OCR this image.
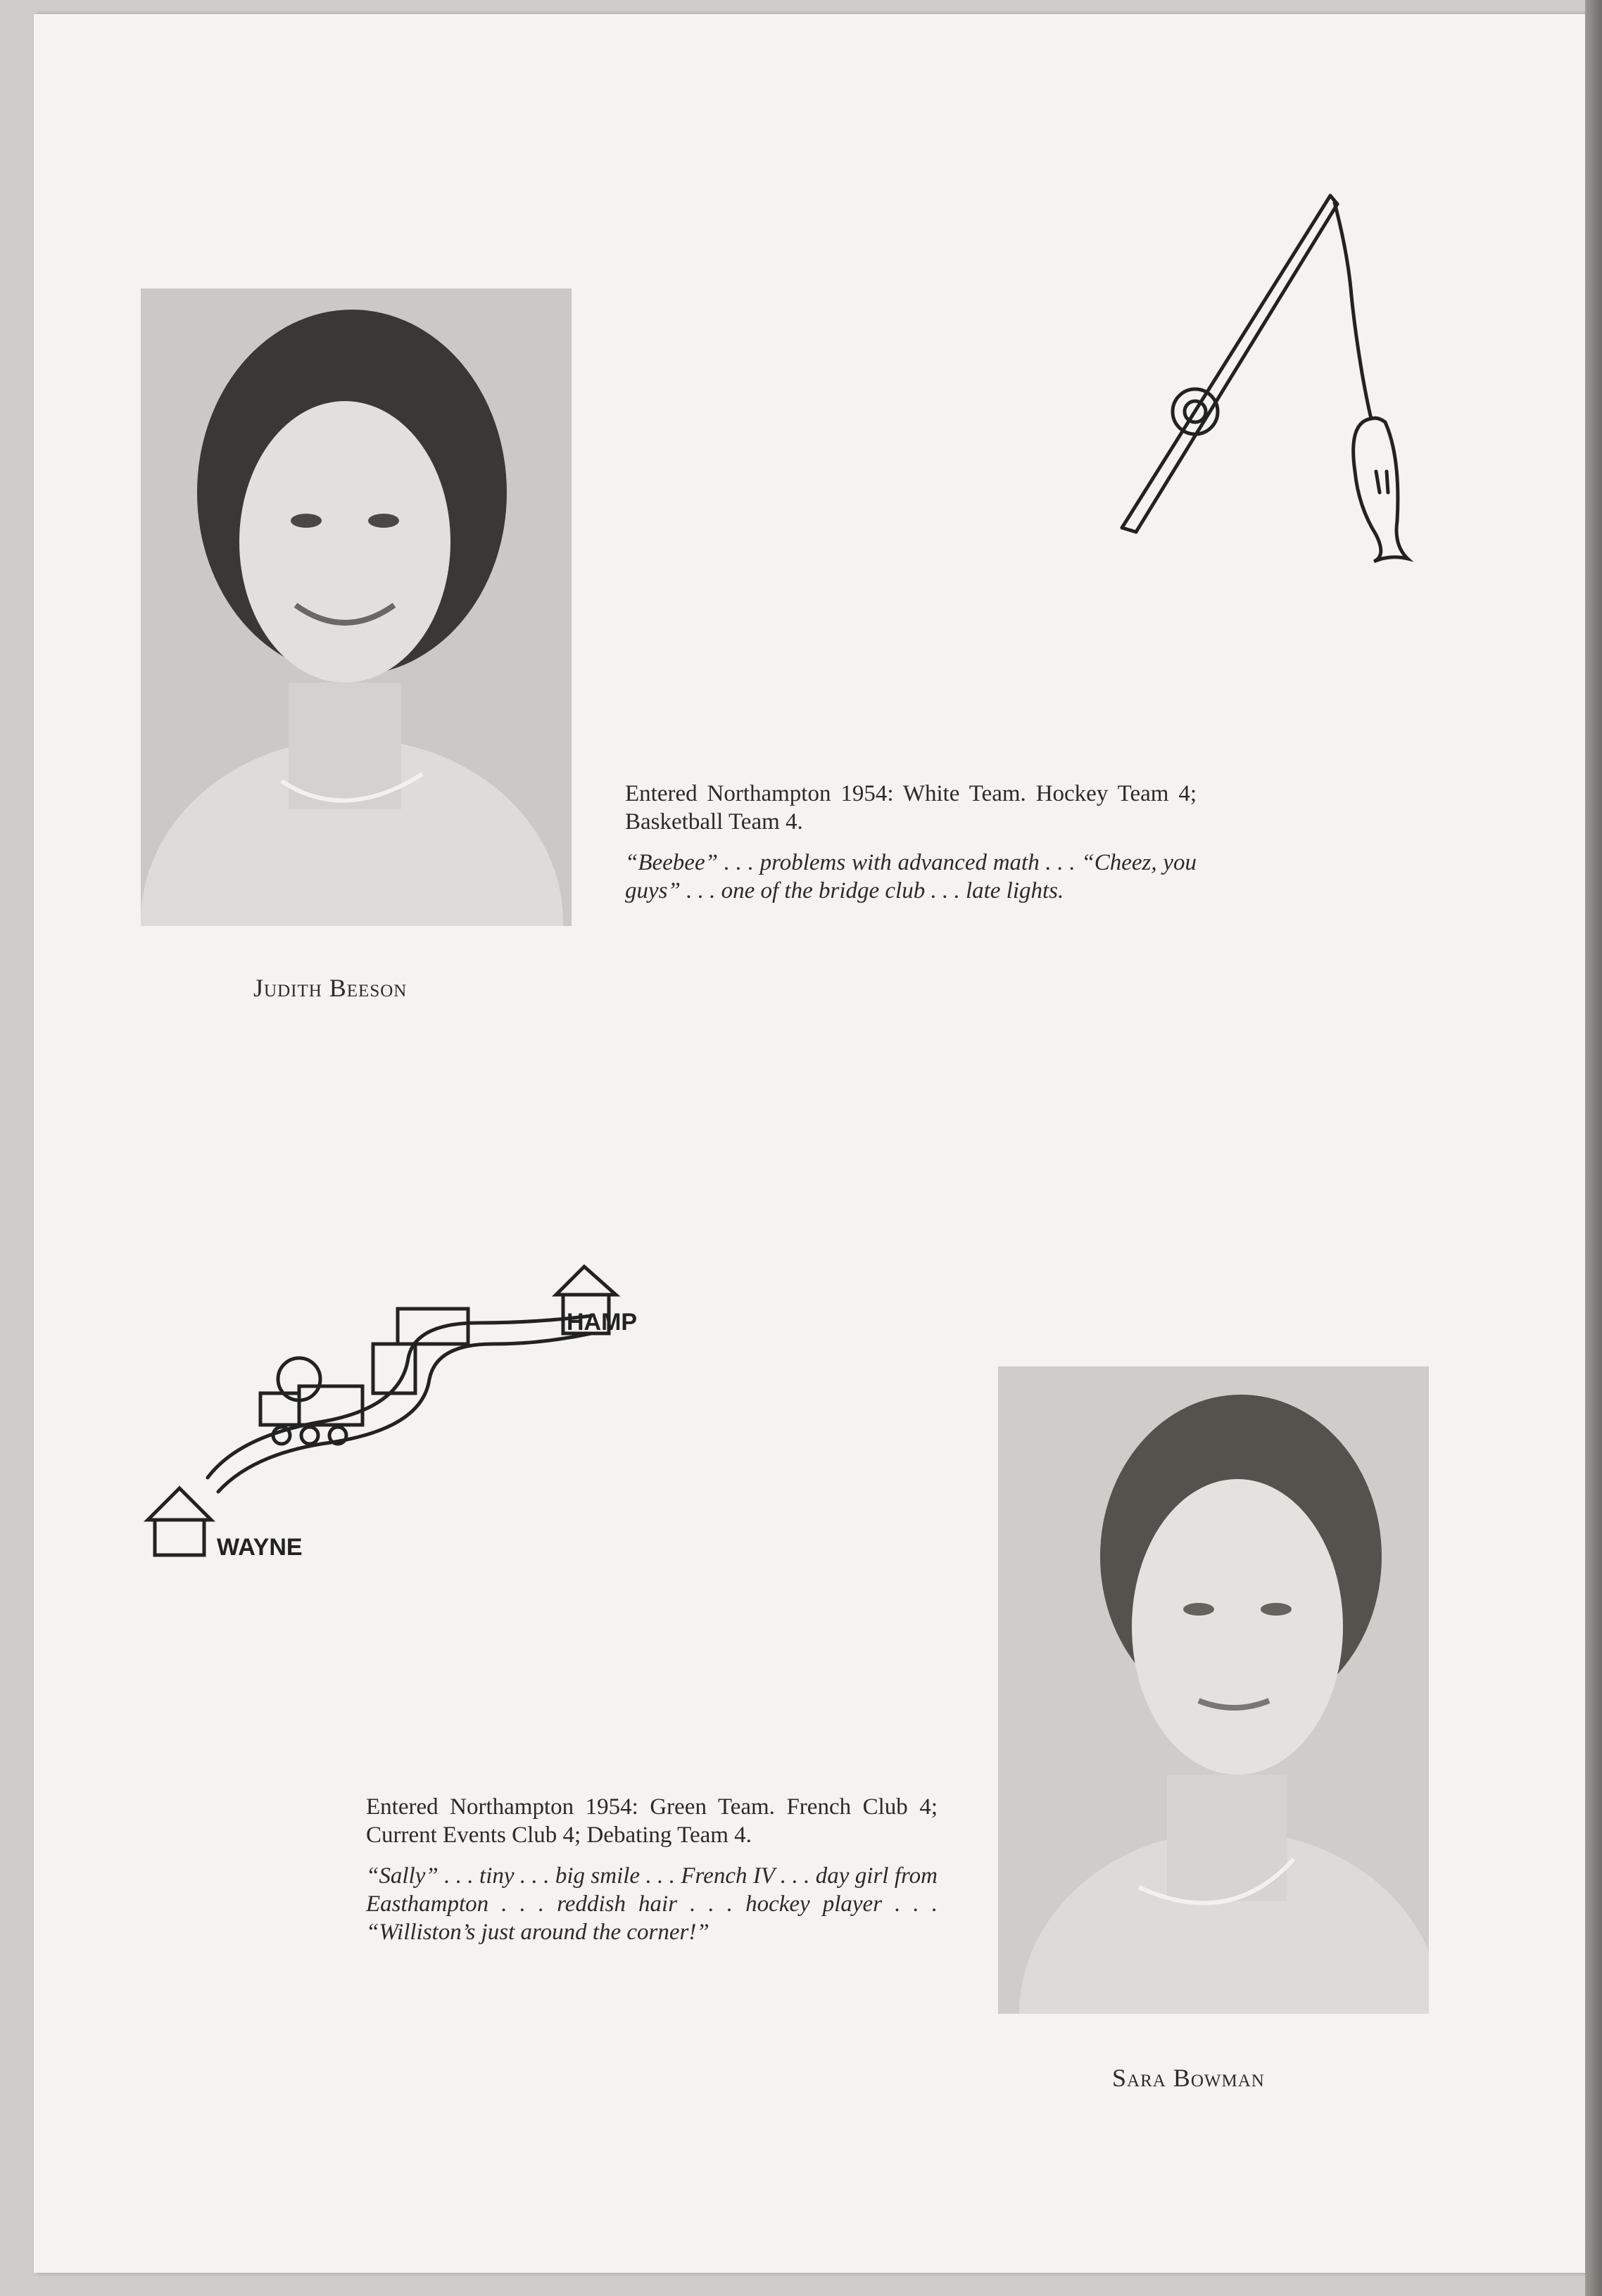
Judith Beeson

Entered Northampton 1954: White Team. Hockey Team 4; Basketball Team 4.

“Beebee” . . . problems with advanced math . . . “Cheez, you guys” . . . one of the bridge club . . . late lights.

HAMP
WAYNE

Entered Northampton 1954: Green Team. French Club 4; Current Events Club 4; Debating Team 4.

“Sally” . . . tiny . . . big smile . . . French IV . . . day girl from Easthampton . . . reddish hair . . . hockey player . . . “Williston’s just around the corner!”

Sara Bowman
